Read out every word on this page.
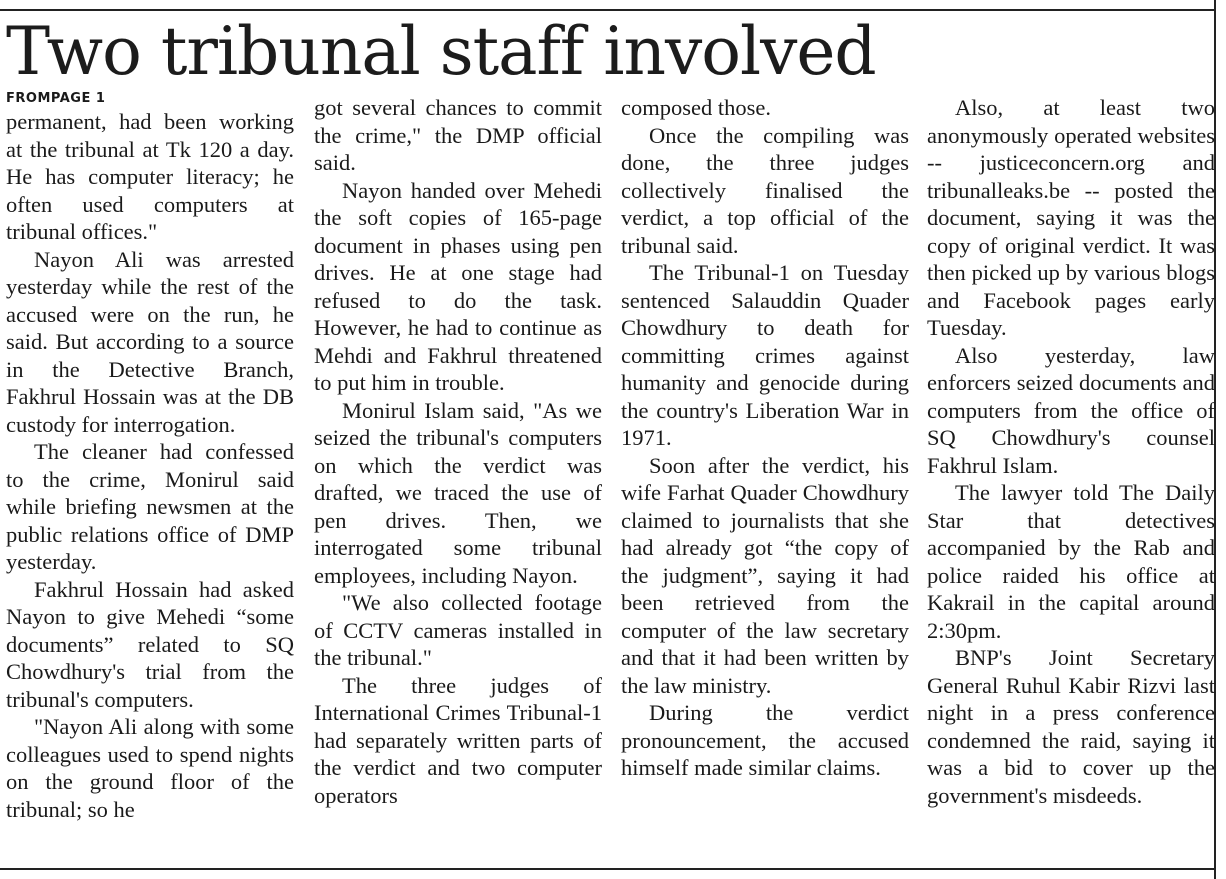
Two tribunal staff involved
FROMPAGE 1

permanent, had been working at the tribunal at Tk 120 a day. He has computer literacy; he often used computers at tribunal offices."

Nayon Ali was arrested yesterday while the rest of the accused were on the run, he said. But according to a source in the Detective Branch, Fakhrul Hossain was at the DB custody for interrogation.

The cleaner had confessed to the crime, Monirul said while briefing newsmen at the public relations office of DMP yesterday.

Fakhrul Hossain had asked Nayon to give Mehedi “some documents” related to SQ Chowdhury's trial from the tribunal's computers.

"Nayon Ali along with some colleagues used to spend nights on the ground floor of the tribunal; so he

got several chances to commit the crime," the DMP official said.

Nayon handed over Mehedi the soft copies of 165-page document in phases using pen drives. He at one stage had refused to do the task. However, he had to continue as Mehdi and Fakhrul threatened to put him in trouble.

Monirul Islam said, "As we seized the tribunal's computers on which the verdict was drafted, we traced the use of pen drives. Then, we interrogated some tribunal employees, including Nayon.

"We also collected footage of CCTV cameras installed in the tribunal."

The three judges of International Crimes Tribunal-1 had separately written parts of the verdict and two computer operators

composed those.

Once the compiling was done, the three judges collectively finalised the verdict, a top official of the tribunal said.

The Tribunal-1 on Tuesday sentenced Salauddin Quader Chowdhury to death for committing crimes against humanity and genocide during the country's Liberation War in 1971.

Soon after the verdict, his wife Farhat Quader Chowdhury claimed to journalists that she had already got “the copy of the judgment”, saying it had been retrieved from the computer of the law secretary and that it had been written by the law ministry.

During the verdict pronouncement, the accused himself made similar claims.

Also, at least two anonymously operated websites -- justiceconcern.org and tribunalleaks.be -- posted the document, saying it was the copy of original verdict. It was then picked up by various blogs and Facebook pages early Tuesday.

Also yesterday, law enforcers seized documents and computers from the office of SQ Chowdhury's counsel Fakhrul Islam.

The lawyer told The Daily Star that detectives accompanied by the Rab and police raided his office at Kakrail in the capital around 2:30pm.

BNP's Joint Secretary General Ruhul Kabir Rizvi last night in a press conference condemned the raid, saying it was a bid to cover up the government's misdeeds.
